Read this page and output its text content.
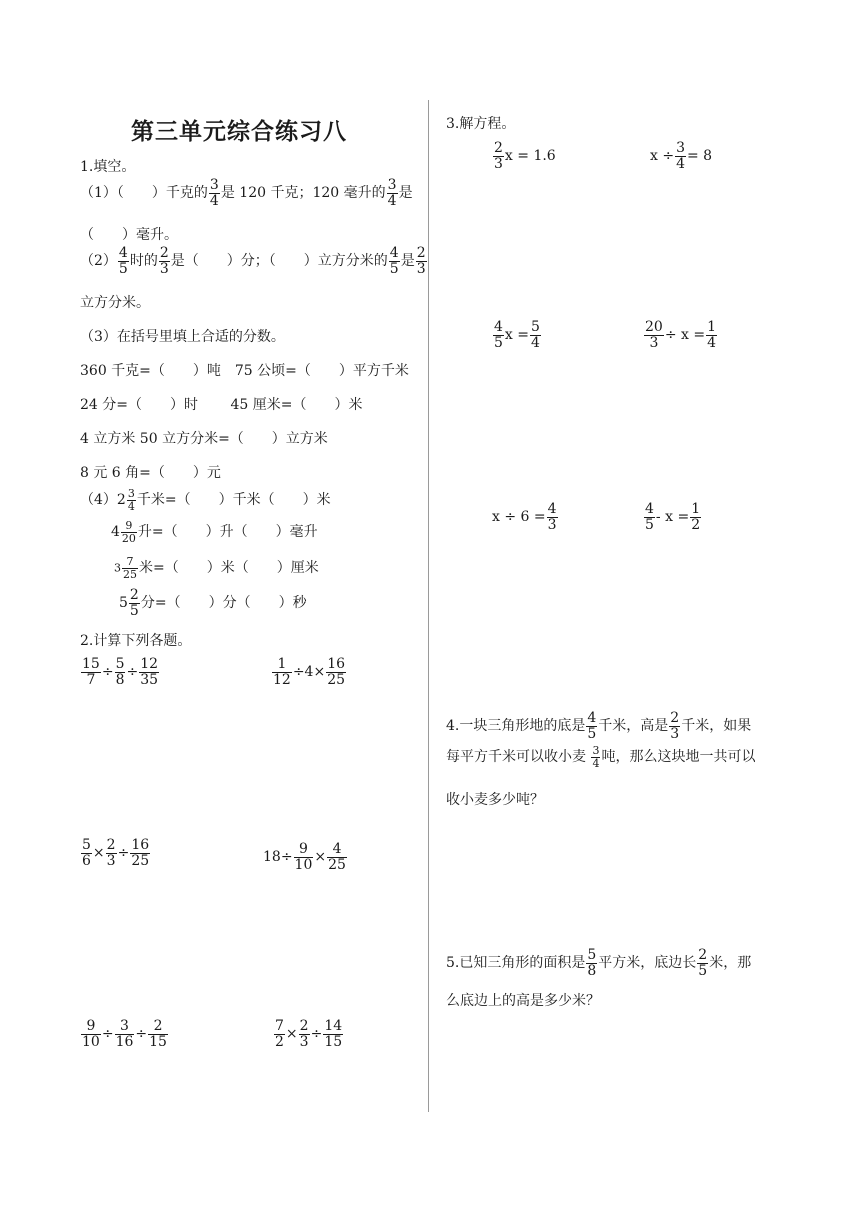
第三单元综合练习八
1.填空。
（1）（　　）千克的 $\frac{3}{4}$ 是 120 千克；120 毫升的 $\frac{3}{4}$ 是
（　　）毫升。
$(2) \frac{4}{5}$ 时的 $\frac{2}{3}$ 是（　　）分；（　　）立方分米的 $\frac{4}{5}$ 是 $\frac{2}{3}$
立方分米。
（3）在括号里填上合适的分数。
360 千克=（　　）吨　75 公顷=（　　）平方千米
24 分=（　　）时　　 45 厘米=（　　）米
4 立方米 50 立方分米=（　　）立方米
8 元 6 角=（　　）元
$(4)2 \frac{3}{4}$ 千米=（　　）千米（　　）米
$4 \frac{9}{20}$ 升=（　　）升（　　）毫升
$3 \frac{7}{25}$ 米=（　　）米（　　）厘米
$5 \frac{2}{5}$ 分=（　　）分（　　）秒
2.计算下列各题。
$\frac{15}{7} \div \frac{5}{8} \div \frac{12}{35}$	$\frac{1}{12} \div 4\times \frac{16}{25}$
$\frac{5}{6} \times \frac{2}{3} \div \frac{16}{25}$	$18\div \frac{9}{10} \times \frac{4}{25}$
$\frac{9}{10} \div \frac{3}{16} \div \frac{2}{15}$	$\frac{7}{2} \times \frac{2}{3} \div \frac{14}{15}$
3.解方程。
$\frac{2}{3}$ x = 1.6	$x \div \frac{3}{4} = 8$
$\frac{4}{5}$ $x = \frac{5}{4}$	$\frac{20}{3} \div x = \frac{1}{4}$
$x \div 6 = \frac{4}{3}$	$\frac{4}{5} - x = \frac{1}{2}$
4.一块三角形地的底是 $\frac{4}{5}$ 千米，高是 $\frac{2}{3}$ 千米，如果
每平方千米可以收小麦 $\frac{3}{4}$ 吨，那么这块地一共可以
收小麦多少吨？
5.已知三角形的面积是 $\frac{5}{8}$ 平方米，底边长 $\frac{2}{5}$ 米，那
么底边上的高是多少米？
